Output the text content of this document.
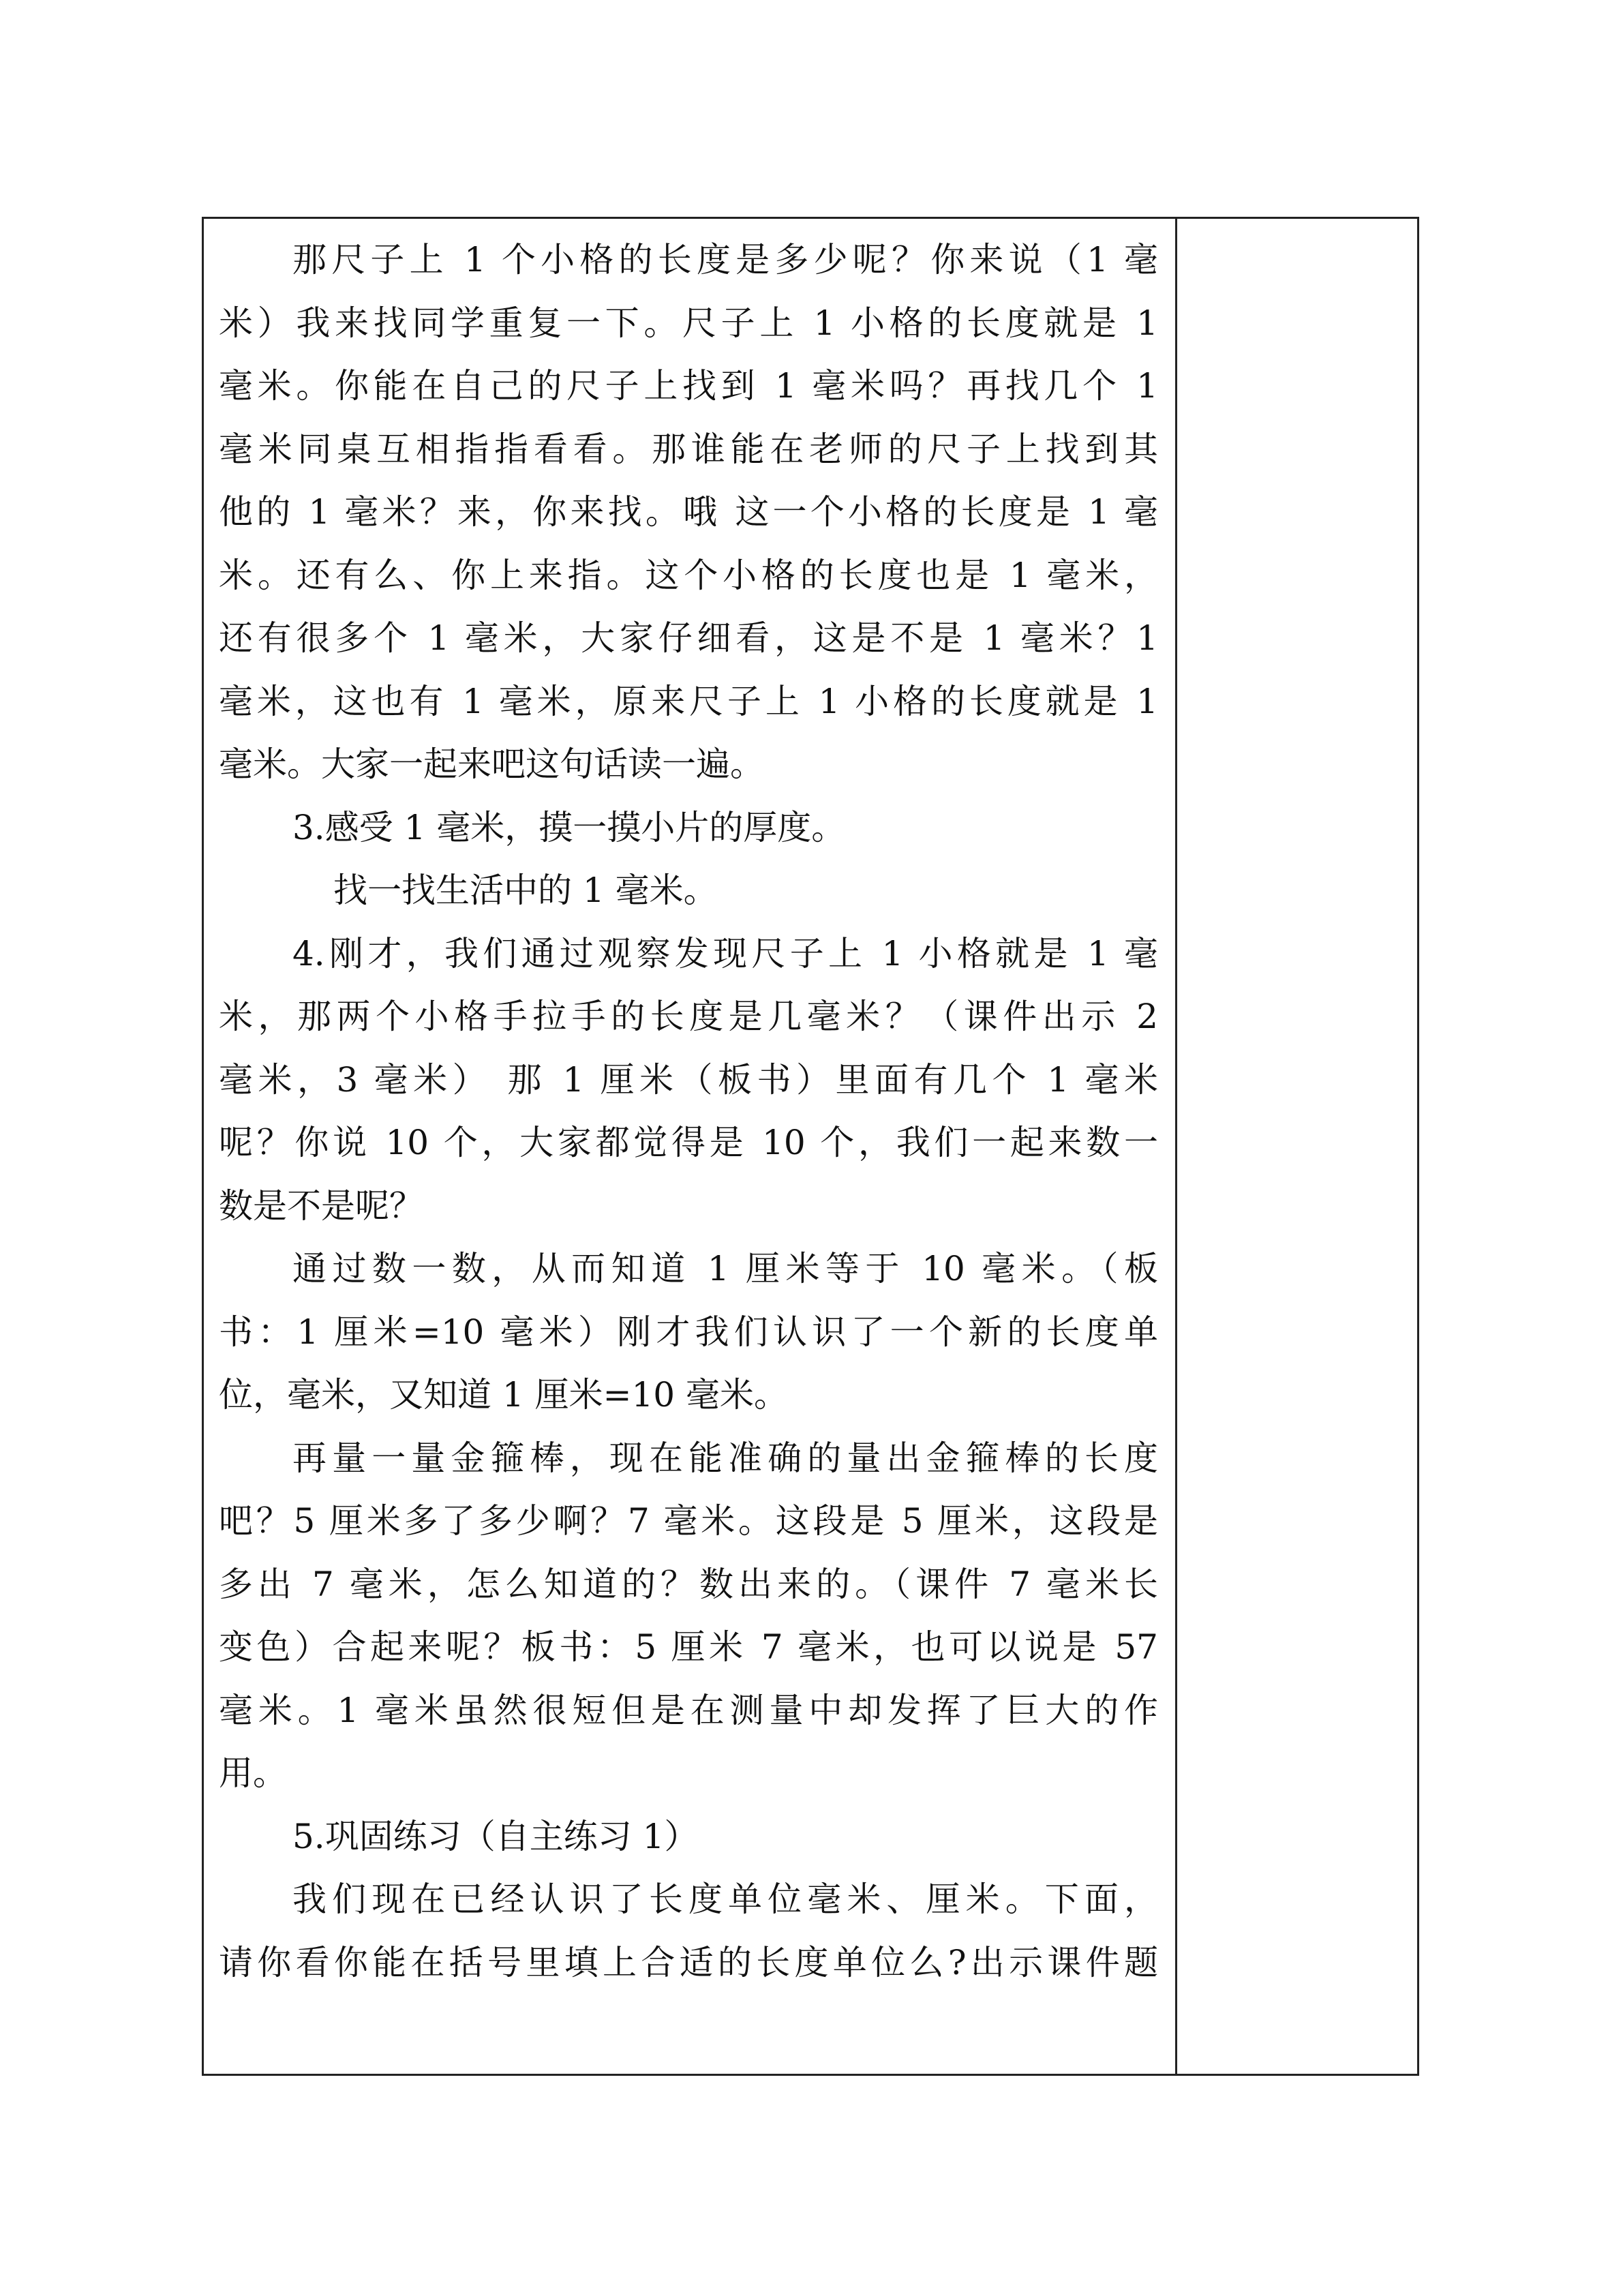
那尺子上 1 个小格的长度是多少呢？你来说（1 毫
米）我来找同学重复一下。尺子上 1 小格的长度就是 1
毫米。你能在自己的尺子上找到 1 毫米吗？再找几个 1
毫米同桌互相指指看看。那谁能在老师的尺子上找到其
他的 1 毫米？来，你来找。哦 这一个小格的长度是 1 毫
米。还有么、你上来指。这个小格的长度也是 1 毫米，
还有很多个 1 毫米，大家仔细看，这是不是 1 毫米？1
毫米，这也有 1 毫米，原来尺子上 1 小格的长度就是 1
毫米。大家一起来吧这句话读一遍。
3.感受 1 毫米，摸一摸小片的厚度。
找一找生活中的 1 毫米。
4.刚才，我们通过观察发现尺子上 1 小格就是 1 毫
米，那两个小格手拉手的长度是几毫米？（课件出示 2
毫米，3 毫米） 那 1 厘米（板书）里面有几个 1 毫米
呢？你说 10 个，大家都觉得是 10 个，我们一起来数一
数是不是呢？
通过数一数，从而知道 1 厘米等于 10 毫米。（板
书：1 厘米=10 毫米）刚才我们认识了一个新的长度单
位，毫米，又知道 1 厘米=10 毫米。
再量一量金箍棒，现在能准确的量出金箍棒的长度
吧？5 厘米多了多少啊？7 毫米。这段是 5 厘米，这段是
多出 7 毫米，怎么知道的？数出来的。（课件 7 毫米长
变色）合起来呢？板书：5 厘米 7 毫米，也可以说是 57
毫米。1 毫米虽然很短但是在测量中却发挥了巨大的作
用。
5.巩固练习（自主练习 1）
我们现在已经认识了长度单位毫米、厘米。下面，
请你看你能在括号里填上合适的长度单位么?出示课件题
